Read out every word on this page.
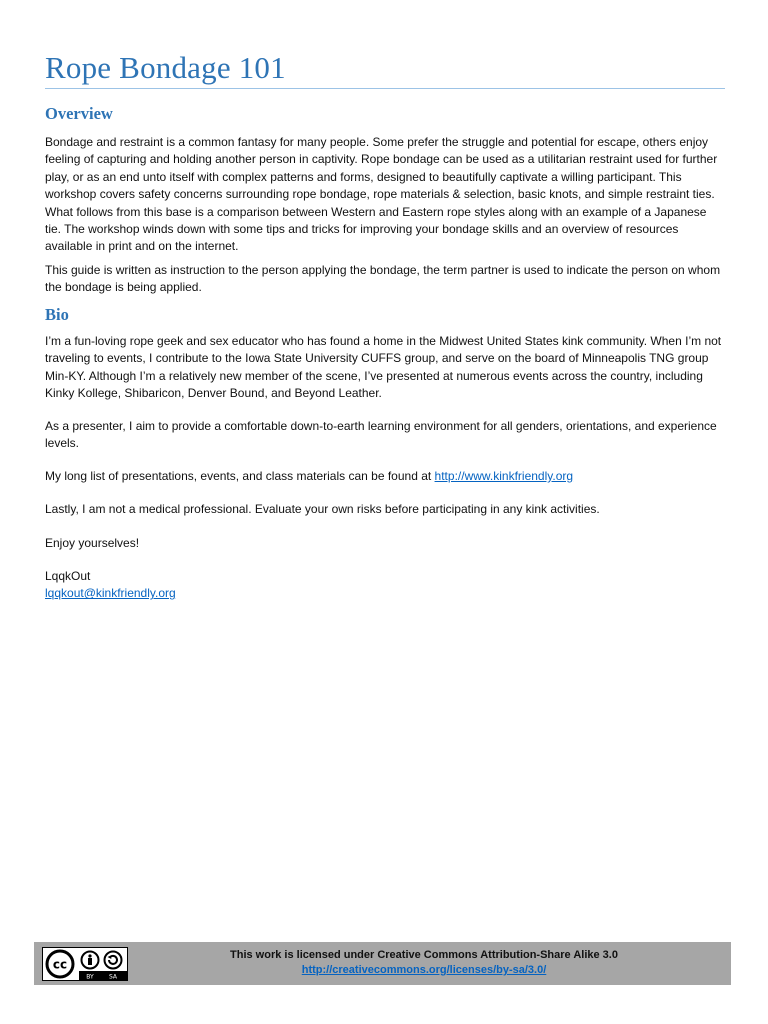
Rope Bondage 101
Overview

Bondage and restraint is a common fantasy for many people. Some prefer the struggle and potential for escape, others enjoy feeling of capturing and holding another person in captivity. Rope bondage can be used as a utilitarian restraint used for further play, or as an end unto itself with complex patterns and forms, designed to beautifully captivate a willing participant. This workshop covers safety concerns surrounding rope bondage, rope materials & selection, basic knots, and simple restraint ties. What follows from this base is a comparison between Western and Eastern rope styles along with an example of a Japanese tie. The workshop winds down with some tips and tricks for improving your bondage skills and an overview of resources available in print and on the internet.

This guide is written as instruction to the person applying the bondage, the term partner is used to indicate the person on whom the bondage is being applied.

Bio

I’m a fun-loving rope geek and sex educator who has found a home in the Midwest United States kink community. When I’m not traveling to events, I contribute to the Iowa State University CUFFS group, and serve on the board of Minneapolis TNG group Min-KY. Although I’m a relatively new member of the scene, I’ve presented at numerous events across the country, including Kinky Kollege, Shibaricon, Denver Bound, and Beyond Leather.

As a presenter, I aim to provide a comfortable down-to-earth learning environment for all genders, orientations, and experience levels.

My long list of presentations, events, and class materials can be found at http://www.kinkfriendly.org

Lastly, I am not a medical professional. Evaluate your own risks before participating in any kink activities.

Enjoy yourselves!

LqqkOut
lqqkout@kinkfriendly.org

cc
BY	SA
This work is licensed under Creative Commons Attribution-Share Alike 3.0
http://creativecommons.org/licenses/by-sa/3.0/
